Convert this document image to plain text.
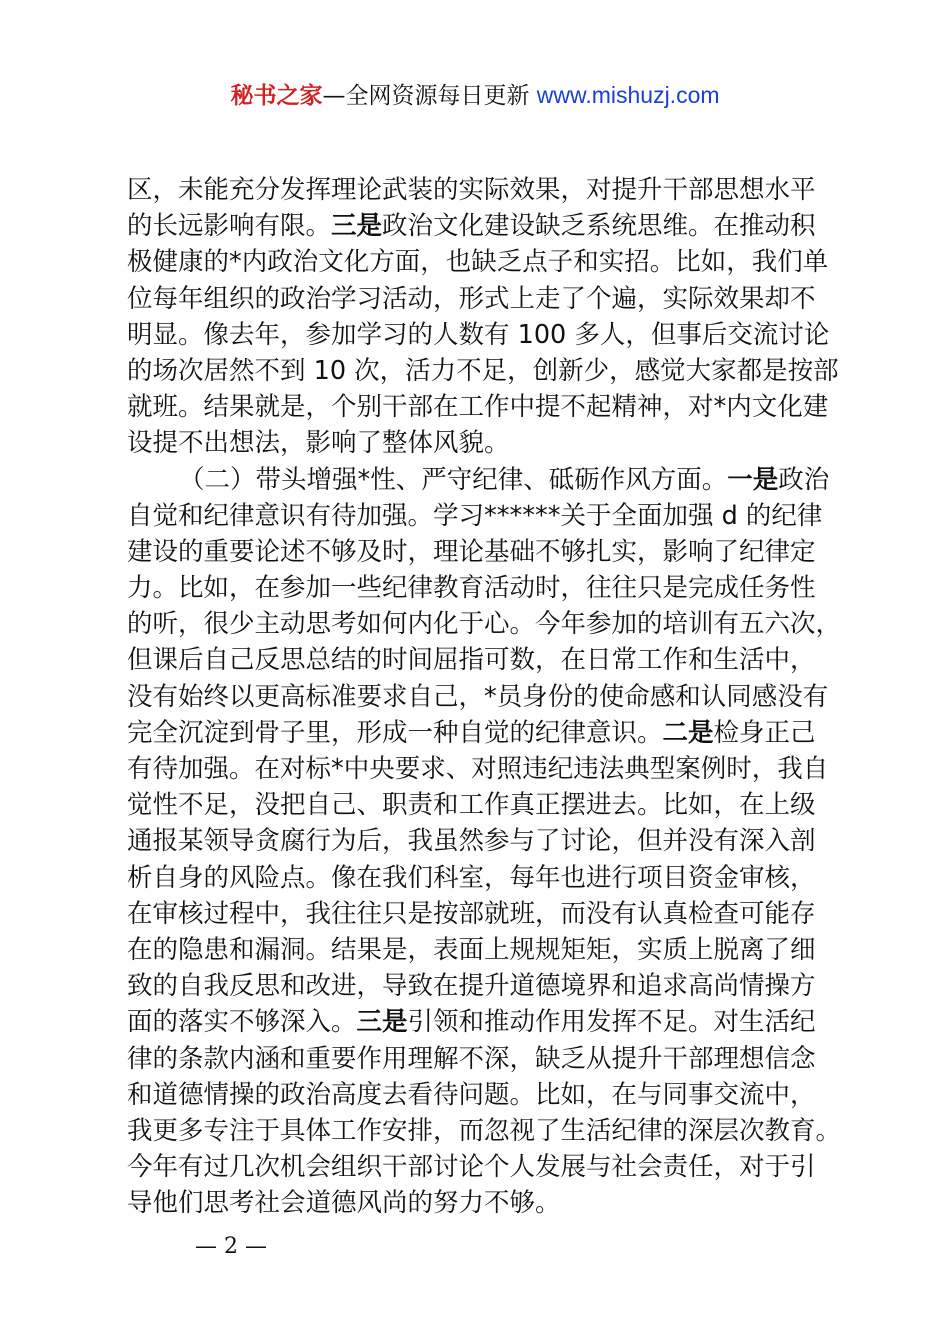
秘书之家—全网资源每日更新 www.mishuzj.com
区，未能充分发挥理论武装的实际效果，对提升干部思想水平
的长远影响有限。三是政治文化建设缺乏系统思维。在推动积
极健康的*内政治文化方面，也缺乏点子和实招。比如，我们单
位每年组织的政治学习活动，形式上走了个遍，实际效果却不
明显。像去年，参加学习的人数有 100 多人，但事后交流讨论
的场次居然不到 10 次，活力不足，创新少，感觉大家都是按部
就班。结果就是，个别干部在工作中提不起精神，对*内文化建
设提不出想法，影响了整体风貌。
（二）带头增强*性、严守纪律、砥砺作风方面。一是政治
自觉和纪律意识有待加强。学习******关于全面加强 d 的纪律
建设的重要论述不够及时，理论基础不够扎实，影响了纪律定
力。比如，在参加一些纪律教育活动时，往往只是完成任务性
的听，很少主动思考如何内化于心。今年参加的培训有五六次，
但课后自己反思总结的时间屈指可数，在日常工作和生活中，
没有始终以更高标准要求自己，*员身份的使命感和认同感没有
完全沉淀到骨子里，形成一种自觉的纪律意识。二是检身正己
有待加强。在对标*中央要求、对照违纪违法典型案例时，我自
觉性不足，没把自己、职责和工作真正摆进去。比如，在上级
通报某领导贪腐行为后，我虽然参与了讨论，但并没有深入剖
析自身的风险点。像在我们科室，每年也进行项目资金审核，
在审核过程中，我往往只是按部就班，而没有认真检查可能存
在的隐患和漏洞。结果是，表面上规规矩矩，实质上脱离了细
致的自我反思和改进，导致在提升道德境界和追求高尚情操方
面的落实不够深入。三是引领和推动作用发挥不足。对生活纪
律的条款内涵和重要作用理解不深，缺乏从提升干部理想信念
和道德情操的政治高度去看待问题。比如，在与同事交流中，
我更多专注于具体工作安排，而忽视了生活纪律的深层次教育。
今年有过几次机会组织干部讨论个人发展与社会责任，对于引
导他们思考社会道德风尚的努力不够。
— 2 —
